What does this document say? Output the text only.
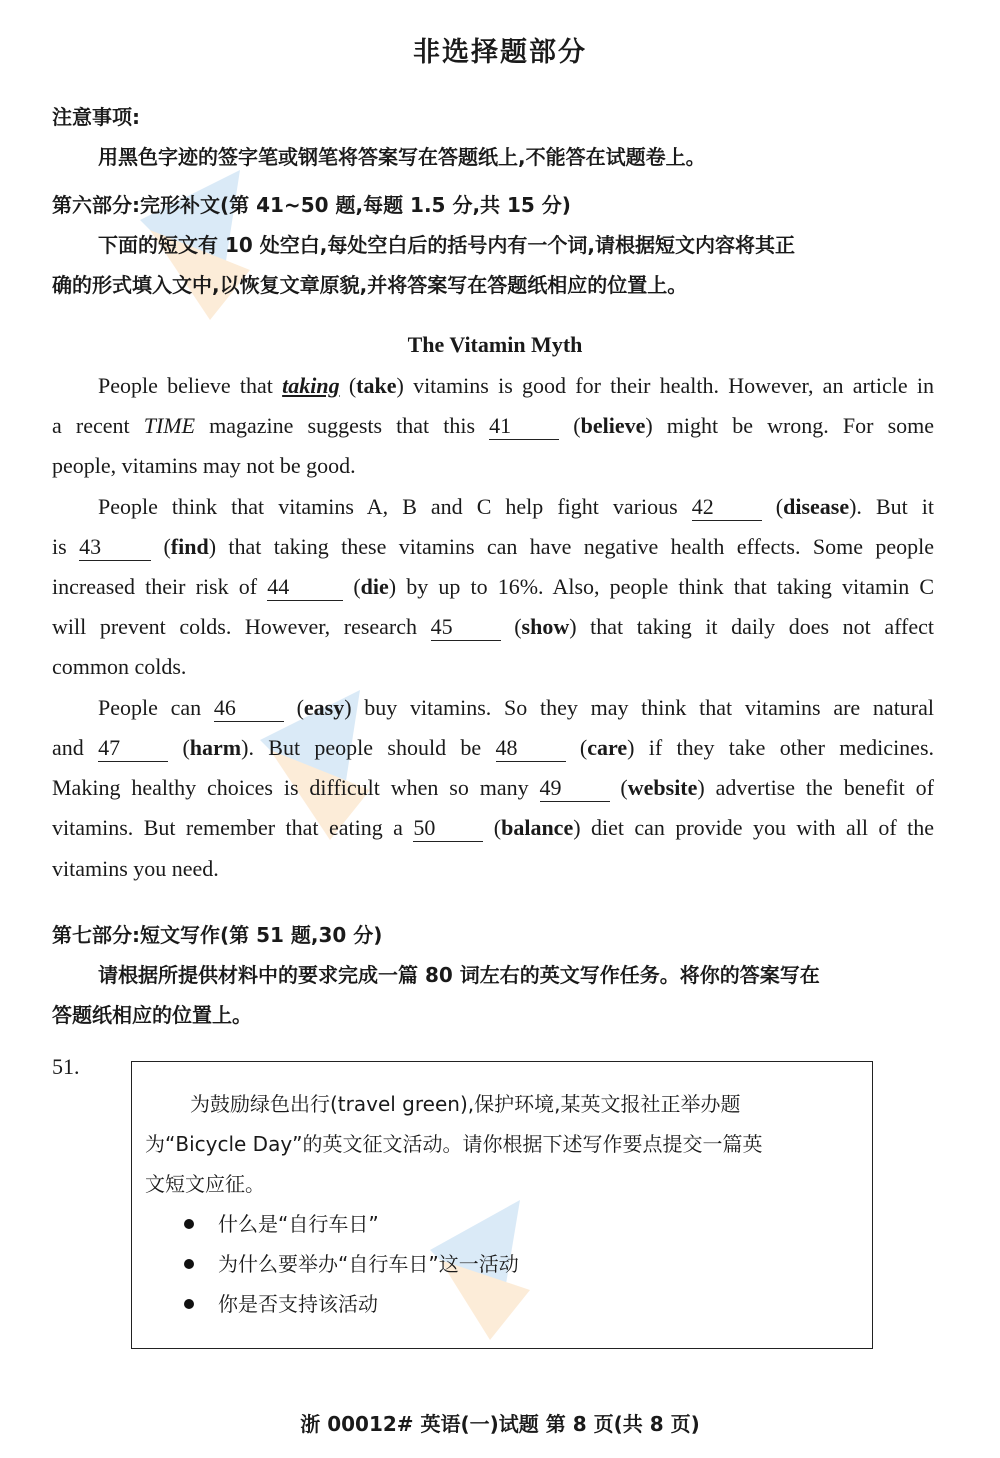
非选择题部分
注意事项:
用黑色字迹的签字笔或钢笔将答案写在答题纸上,不能答在试题卷上。
第六部分:完形补文(第 41~50 题,每题 1.5 分,共 15 分)
下面的短文有 10 处空白,每处空白后的括号内有一个词,请根据短文内容将其正
确的形式填入文中,以恢复文章原貌,并将答案写在答题纸相应的位置上。
The Vitamin Myth
People believe that taking (take) vitamins is good for their health. However, an article in
a recent TIME magazine suggests that this 41 (believe) might be wrong. For some
people, vitamins may not be good.
People think that vitamins A, B and C help fight various 42 (disease). But it
is 43 (find) that taking these vitamins can have negative health effects. Some people
increased their risk of 44 (die) by up to 16%. Also, people think that taking vitamin C
will prevent colds. However, research 45 (show) that taking it daily does not affect
common colds.
People can 46 (easy) buy vitamins. So they may think that vitamins are natural
and 47 (harm). But people should be 48 (care) if they take other medicines.
Making healthy choices is difficult when so many 49 (website) advertise the benefit of
vitamins. But remember that eating a 50 (balance) diet can provide you with all of the
vitamins you need.
第七部分:短文写作(第 51 题,30 分)
请根据所提供材料中的要求完成一篇 80 词左右的英文写作任务。将你的答案写在
答题纸相应的位置上。
51.
为鼓励绿色出行(travel green),保护环境,某英文报社正举办题
为“Bicycle Day”的英文征文活动。请你根据下述写作要点提交一篇英
文短文应征。
什么是“自行车日”
为什么要举办“自行车日”这一活动
你是否支持该活动
浙 00012# 英语(一)试题 第 8 页(共 8 页)
